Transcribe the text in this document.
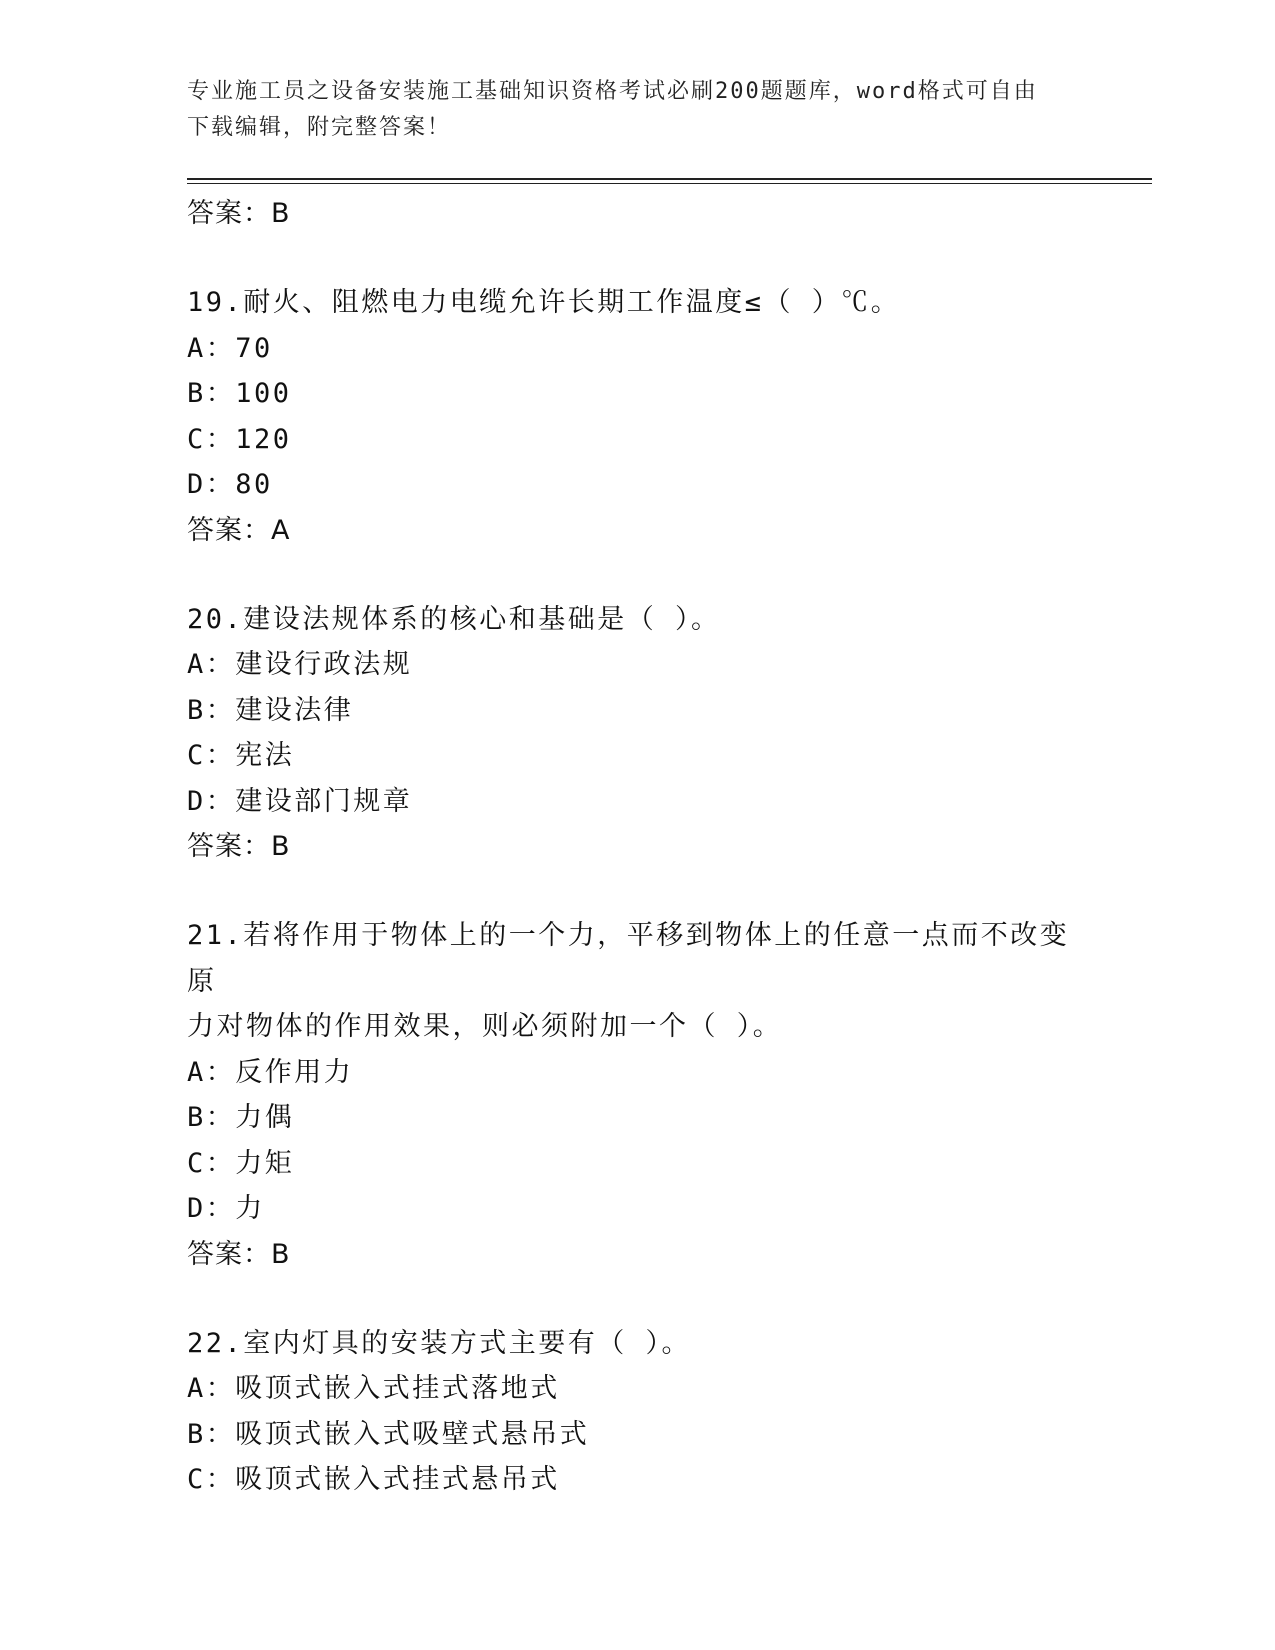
专业施工员之设备安装施工基础知识资格考试必刷200题题库，word格式可自由
下载编辑，附完整答案！
答案：B
19.耐火、阻燃电力电缆允许长期工作温度≤（ ）℃。
A：70
B：100
C：120
D：80
答案：A
20.建设法规体系的核心和基础是（ ）。
A：建设行政法规
B：建设法律
C：宪法
D：建设部门规章
答案：B
21.若将作用于物体上的一个力，平移到物体上的任意一点而不改变原
力对物体的作用效果，则必须附加一个（ ）。
A：反作用力
B：力偶
C：力矩
D：力
答案：B
22.室内灯具的安装方式主要有（ ）。
A：吸顶式嵌入式挂式落地式
B：吸顶式嵌入式吸壁式悬吊式
C：吸顶式嵌入式挂式悬吊式
